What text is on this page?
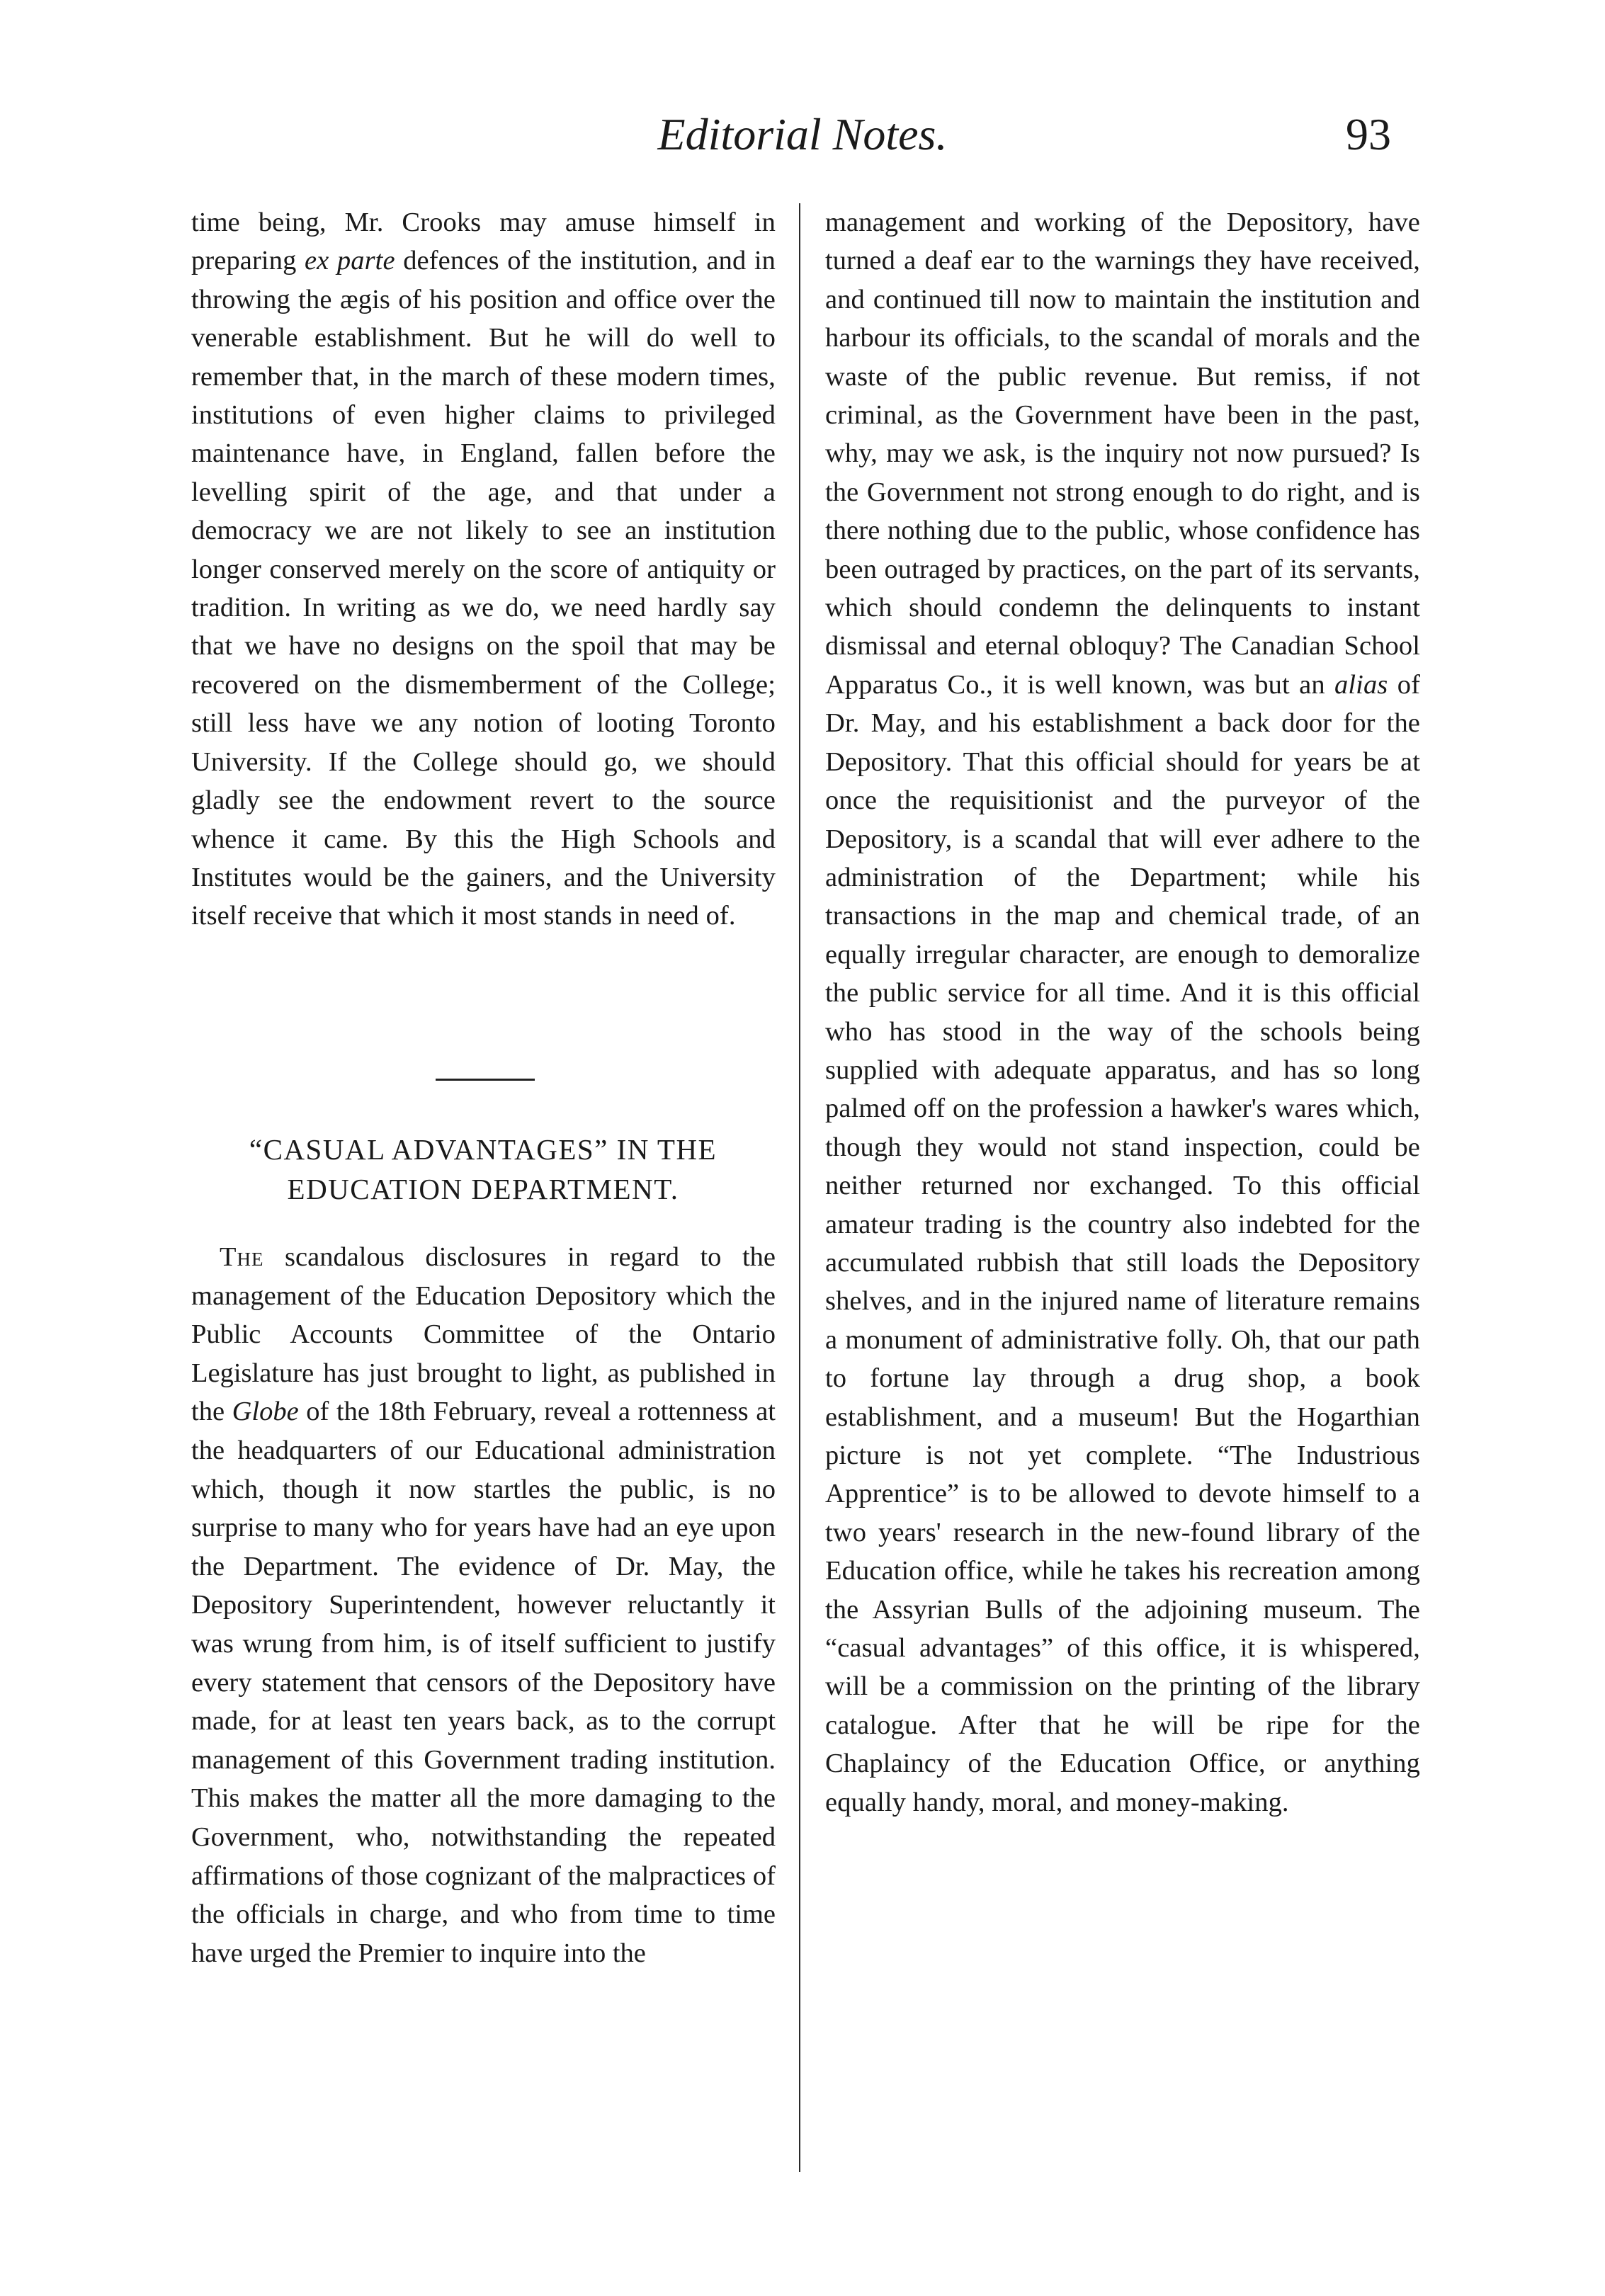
Editorial Notes.	93

time being, Mr. Crooks may amuse himself in preparing ex parte defences of the institution, and in throwing the ægis of his position and office over the venerable establishment. But he will do well to remember that, in the march of these modern times, institutions of even higher claims to privileged maintenance have, in England, fallen before the levelling spirit of the age, and that under a democracy we are not likely to see an institution longer conserved merely on the score of antiquity or tradition. In writing as we do, we need hardly say that we have no designs on the spoil that may be recovered on the dismemberment of the College; still less have we any notion of looting Toronto University. If the College should go, we should gladly see the endowment revert to the source whence it came. By this the High Schools and Institutes would be the gainers, and the University itself receive that which it most stands in need of.

“CASUAL ADVANTAGES” IN THE
EDUCATION DEPARTMENT.

The scandalous disclosures in regard to the management of the Education Depository which the Public Accounts Committee of the Ontario Legislature has just brought to light, as published in the Globe of the 18th February, reveal a rottenness at the headquarters of our Educational administration which, though it now startles the public, is no surprise to many who for years have had an eye upon the Department. The evidence of Dr. May, the Depository Superintendent, however reluctantly it was wrung from him, is of itself sufficient to justify every statement that censors of the Depository have made, for at least ten years back, as to the corrupt management of this Government trading institution. This makes the matter all the more damaging to the Government, who, notwithstanding the repeated affirmations of those cognizant of the malpractices of the officials in charge, and who from time to time have urged the Premier to inquire into the

management and working of the Depository, have turned a deaf ear to the warnings they have received, and continued till now to maintain the institution and harbour its officials, to the scandal of morals and the waste of the public revenue. But remiss, if not criminal, as the Government have been in the past, why, may we ask, is the inquiry not now pursued? Is the Government not strong enough to do right, and is there nothing due to the public, whose confidence has been outraged by practices, on the part of its servants, which should condemn the delinquents to instant dismissal and eternal obloquy? The Canadian School Apparatus Co., it is well known, was but an alias of Dr. May, and his establishment a back door for the Depository. That this official should for years be at once the requisitionist and the purveyor of the Depository, is a scandal that will ever adhere to the administration of the Department; while his transactions in the map and chemical trade, of an equally irregular character, are enough to demoralize the public service for all time. And it is this official who has stood in the way of the schools being supplied with adequate apparatus, and has so long palmed off on the profession a hawker's wares which, though they would not stand inspection, could be neither returned nor exchanged. To this official amateur trading is the country also indebted for the accumulated rubbish that still loads the Depository shelves, and in the injured name of literature remains a monument of administrative folly. Oh, that our path to fortune lay through a drug shop, a book establishment, and a museum! But the Hogarthian picture is not yet complete. “The Industrious Apprentice” is to be allowed to devote himself to a two years' research in the new-found library of the Education office, while he takes his recreation among the Assyrian Bulls of the adjoining museum. The “casual advantages” of this office, it is whispered, will be a commission on the printing of the library catalogue. After that he will be ripe for the Chaplaincy of the Education Office, or anything equally handy, moral, and money-making.
